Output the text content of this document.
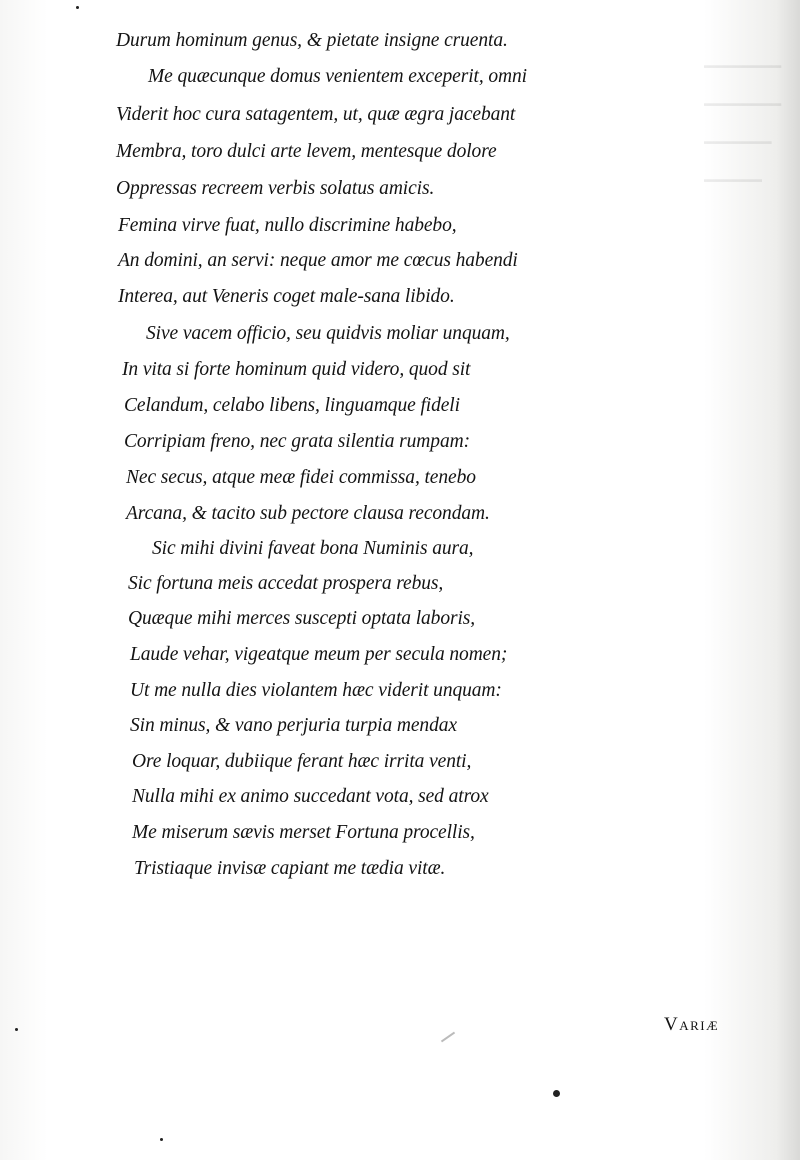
━━━━━━━━
━━━━━━━━
━━━━━━━
━━━━━━
Durum hominum genus, & pietate insigne cruenta.
Me quæcunque domus venientem exceperit, omni
Viderit hoc cura satagentem, ut, quæ ægra jacebant
Membra, toro dulci arte levem, mentesque dolore
Oppressas recreem verbis solatus amicis.
Femina virve fuat, nullo discrimine habebo,
An domini, an servi: neque amor me cœcus habendi
Interea, aut Veneris coget male-sana libido.
Sive vacem officio, seu quidvis moliar unquam,
In vita si forte hominum quid videro, quod sit
Celandum, celabo libens, linguamque fideli
Corripiam freno, nec grata silentia rumpam:
Nec secus, atque meæ fidei commissa, tenebo
Arcana, & tacito sub pectore clausa recondam.
Sic mihi divini faveat bona Numinis aura,
Sic fortuna meis accedat prospera rebus,
Quæque mihi merces suscepti optata laboris,
Laude vehar, vigeatque meum per secula nomen;
Ut me nulla dies violantem hæc viderit unquam:
Sin minus, & vano perjuria turpia mendax
Ore loquar, dubiique ferant hæc irrita venti,
Nulla mihi ex animo succedant vota, sed atrox
Me miserum sævis merset Fortuna procellis,
Tristiaque invisæ capiant me tædia vitæ.
Variæ
